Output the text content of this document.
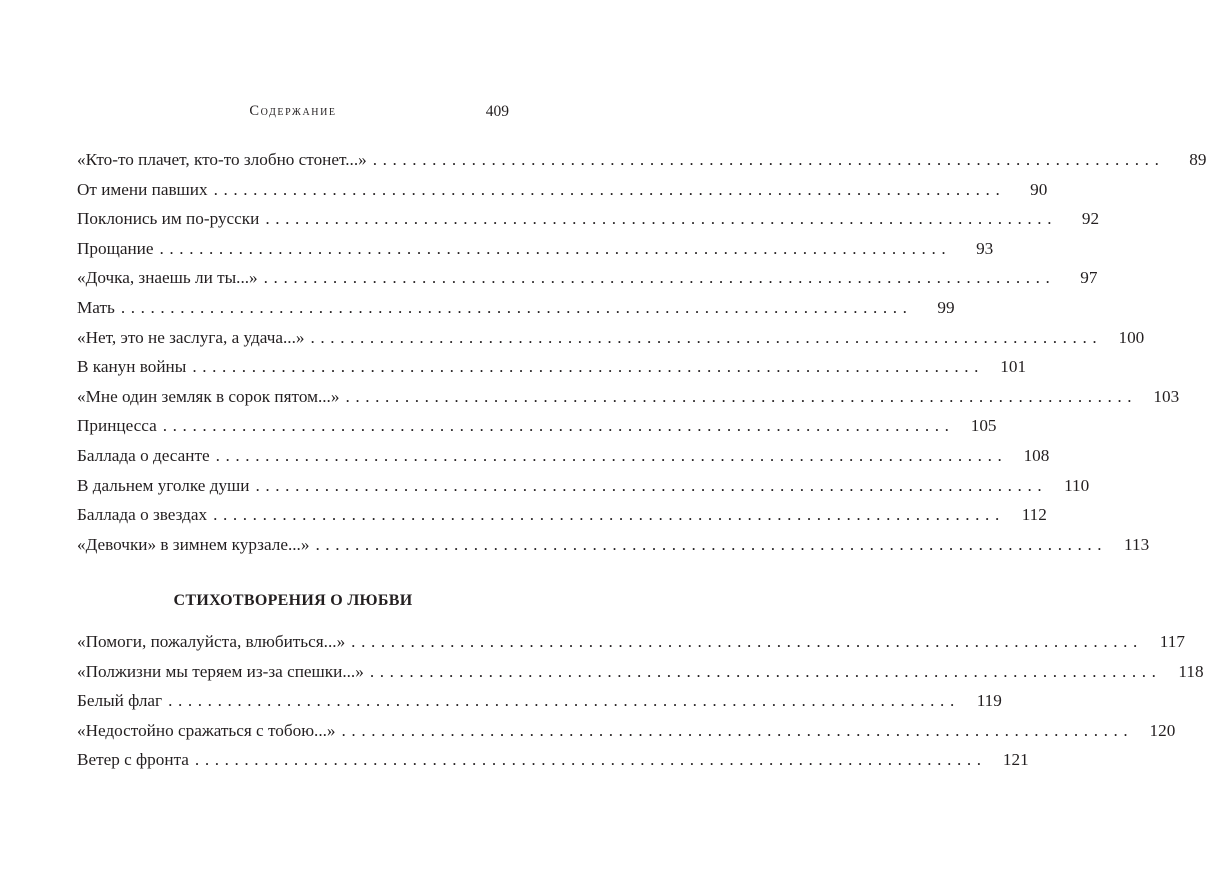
Содержание	409
«Кто-то плачет, кто-то злобно стонет...» ................................................................................	89
От имени павших ................................................................................	90
Поклонись им по-русски ................................................................................	92
Прощание ................................................................................	93
«Дочка, знаешь ли ты...» ................................................................................	97
Мать ................................................................................	99
«Нет, это не заслуга, а удача...» ................................................................................ 100
В канун войны ................................................................................ 101
«Мне один земляк в сорок пятом...» ................................................................................ 103
Принцесса ................................................................................ 105
Баллада о десанте ................................................................................ 108
В дальнем уголке души ................................................................................ 110
Баллада о звездах ................................................................................ 112
«Девочки» в зимнем курзале...» ................................................................................ 113
СТИХОТВОРЕНИЯ О ЛЮБВИ
«Помоги, пожалуйста, влюбиться...» ................................................................................ 117
«Полжизни мы теряем из-за спешки...» ................................................................................ 118
Белый флаг ................................................................................ 119
«Недостойно сражаться с тобою...» ................................................................................ 120
Ветер с фронта ................................................................................ 121
